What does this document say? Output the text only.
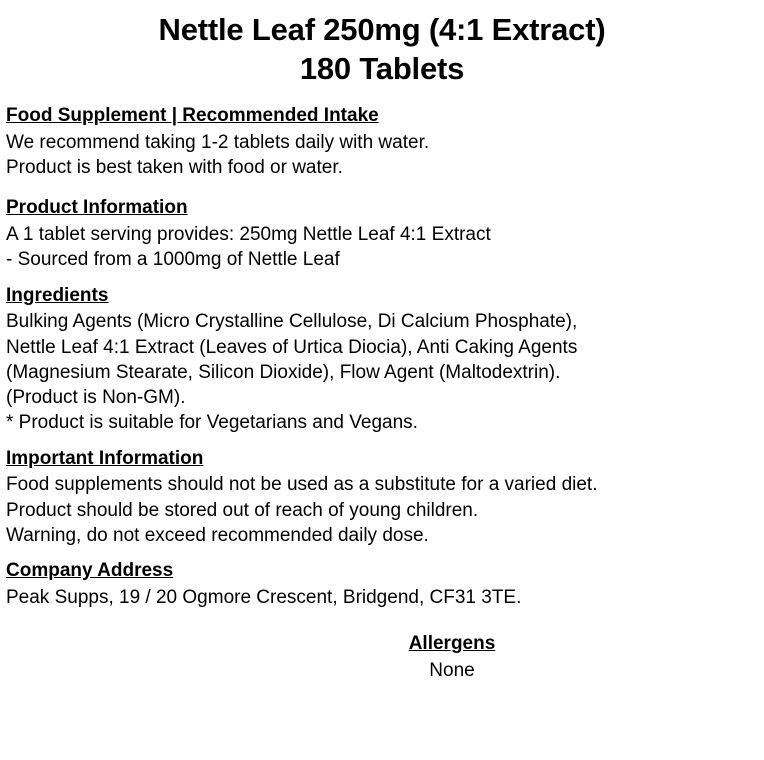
Nettle Leaf 250mg (4:1 Extract)
180 Tablets
Food Supplement | Recommended Intake

We recommend taking 1-2 tablets daily with water.

Product is best taken with food or water.

Product Information

A 1 tablet serving provides: 250mg Nettle Leaf 4:1 Extract

- Sourced from a 1000mg of Nettle Leaf

Ingredients

Bulking Agents (Micro Crystalline Cellulose, Di Calcium Phosphate),

Nettle Leaf 4:1 Extract (Leaves of Urtica Diocia), Anti Caking Agents

(Magnesium Stearate, Silicon Dioxide), Flow Agent (Maltodextrin).

(Product is Non-GM).

* Product is suitable for Vegetarians and Vegans.

Important Information

Food supplements should not be used as a substitute for a varied diet.

Product should be stored out of reach of young children.

Warning, do not exceed recommended daily dose.

Company Address

Peak Supps, 19 / 20 Ogmore Crescent, Bridgend, CF31 3TE.

Allergens

None
